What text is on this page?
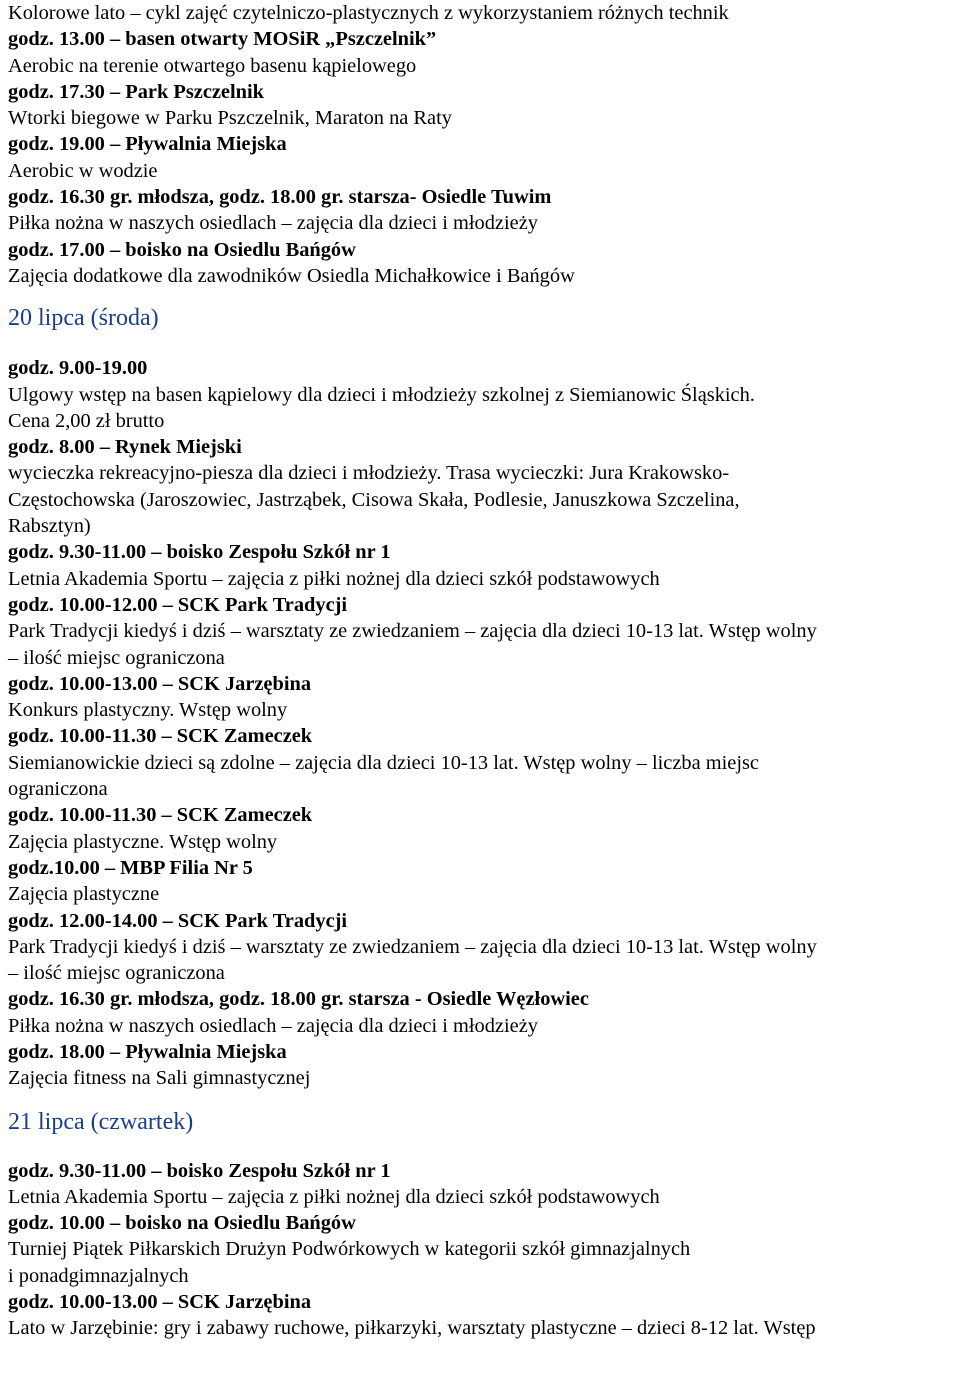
Kolorowe lato – cykl zajęć czytelniczo-plastycznych z wykorzystaniem różnych technik
godz. 13.00 – basen otwarty MOSiR „Pszczelnik”
Aerobic na terenie otwartego basenu kąpielowego
godz. 17.30 – Park Pszczelnik
Wtorki biegowe w Parku Pszczelnik, Maraton na Raty
godz. 19.00 – Pływalnia Miejska
Aerobic w wodzie
godz. 16.30 gr. młodsza, godz. 18.00 gr. starsza- Osiedle Tuwim
Piłka nożna w naszych osiedlach – zajęcia dla dzieci i młodzieży
godz. 17.00 – boisko na Osiedlu Bańgów
Zajęcia dodatkowe dla zawodników Osiedla Michałkowice i Bańgów
20 lipca (środa)
godz. 9.00-19.00
Ulgowy wstęp na basen kąpielowy dla dzieci i młodzieży szkolnej z Siemianowic Śląskich.
Cena 2,00 zł brutto
godz. 8.00 – Rynek Miejski
wycieczka rekreacyjno-piesza dla dzieci i młodzieży. Trasa wycieczki: Jura Krakowsko-
Częstochowska (Jaroszowiec, Jastrząbek, Cisowa Skała, Podlesie, Januszkowa Szczelina,
Rabsztyn)
godz. 9.30-11.00 – boisko Zespołu Szkół nr 1
Letnia Akademia Sportu – zajęcia z piłki nożnej dla dzieci szkół podstawowych
godz. 10.00-12.00 – SCK Park Tradycji
Park Tradycji kiedyś i dziś – warsztaty ze zwiedzaniem – zajęcia dla dzieci 10-13 lat. Wstęp wolny
– ilość miejsc ograniczona
godz. 10.00-13.00 – SCK Jarzębina
Konkurs plastyczny. Wstęp wolny
godz. 10.00-11.30 – SCK Zameczek
Siemianowickie dzieci są zdolne – zajęcia dla dzieci 10-13 lat. Wstęp wolny – liczba miejsc
ograniczona
godz. 10.00-11.30 – SCK Zameczek
Zajęcia plastyczne. Wstęp wolny
godz.10.00 – MBP Filia Nr 5
Zajęcia plastyczne
godz. 12.00-14.00 – SCK Park Tradycji
Park Tradycji kiedyś i dziś – warsztaty ze zwiedzaniem – zajęcia dla dzieci 10-13 lat. Wstęp wolny
– ilość miejsc ograniczona
godz. 16.30 gr. młodsza, godz. 18.00 gr. starsza - Osiedle Węzłowiec
Piłka nożna w naszych osiedlach – zajęcia dla dzieci i młodzieży
godz. 18.00 – Pływalnia Miejska
Zajęcia fitness na Sali gimnastycznej
21 lipca (czwartek)
godz. 9.30-11.00 – boisko Zespołu Szkół nr 1
Letnia Akademia Sportu – zajęcia z piłki nożnej dla dzieci szkół podstawowych
godz. 10.00 – boisko na Osiedlu Bańgów
Turniej Piątek Piłkarskich Drużyn Podwórkowych w kategorii szkół gimnazjalnych
i ponadgimnazjalnych
godz. 10.00-13.00 – SCK Jarzębina
Lato w Jarzębinie: gry i zabawy ruchowe, piłkarzyki, warsztaty plastyczne – dzieci 8-12 lat. Wstęp
